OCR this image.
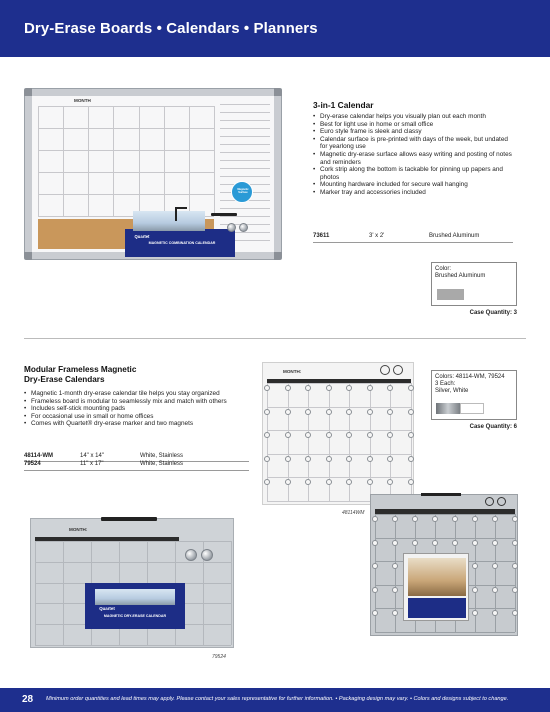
Dry-Erase Boards • Calendars • Planners
MONTH
Quartet
MAGNETIC COMBINATION CALENDAR
Magnetic Surface
3-in-1 Calendar
• Dry-erase calendar helps you visually plan out each month
• Best for light use in home or small office
• Euro style frame is sleek and classy
• Calendar surface is pre-printed with days of the week, but undated for yearlong use
• Magnetic dry-erase surface allows easy writing and posting of notes and reminders
• Cork strip along the bottom is tackable for pinning up papers and photos
• Mounting hardware included for secure wall hanging
• Marker tray and accessories included
73611	3' x 2'	Brushed Aluminum
Color:
Brushed Aluminum
Case Quantity: 3
Modular Frameless Magnetic
Dry-Erase Calendars
• Magnetic 1-month dry-erase calendar tile helps you stay organized
• Frameless board is modular to seamlessly mix and match with others
• Includes self-stick mounting pads
• For occasional use in small or home offices
• Comes with Quartet® dry-erase marker and two magnets
48114-WM	14" x 14"	White, Stainless
79524	11" x 17"	White, Stainless
MONTH:
48114WM
Colors: 48114-WM, 79524
3 Each:
Silver, White
Case Quantity: 6
MONTH:
Quartet
MAGNETIC DRY-ERASE CALENDAR
79524
28 Minimum order quantities and lead times may apply. Please contact your sales representative for further information. • Packaging design may vary. • Colors and designs subject to change.
